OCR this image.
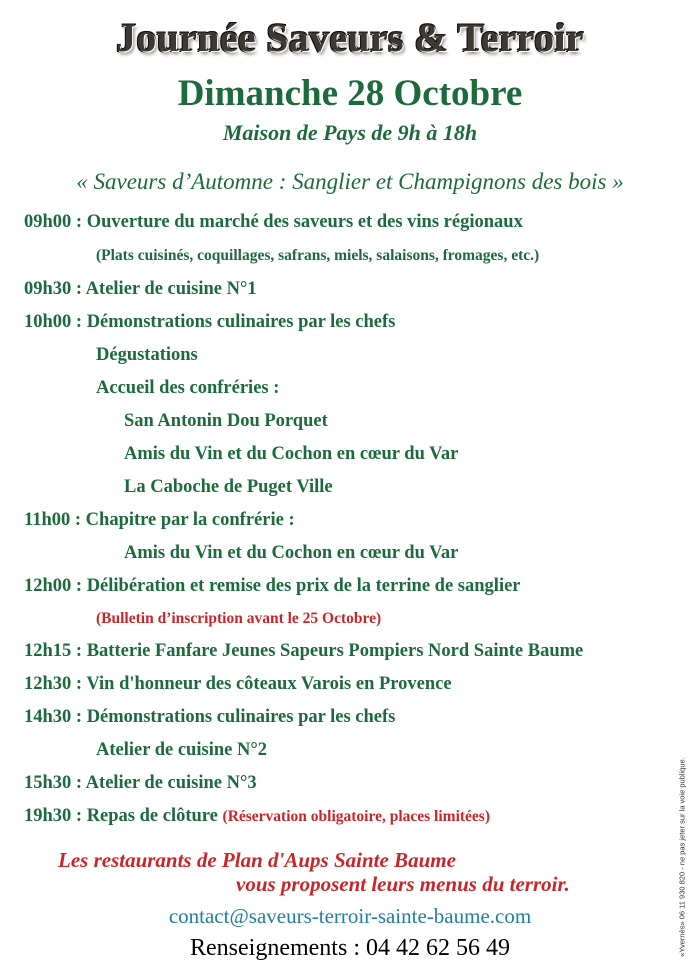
Journée Saveurs & Terroir
Dimanche 28 Octobre
Maison de Pays de 9h à 18h
« Saveurs d’Automne : Sanglier et Champignons des bois »
09h00 : Ouverture du marché des saveurs et des vins régionaux
(Plats cuisinés, coquillages, safrans, miels, salaisons, fromages, etc.)
09h30 : Atelier de cuisine N°1
10h00 : Démonstrations culinaires par les chefs
Dégustations
Accueil des confréries :
San Antonin Dou Porquet
Amis du Vin et du Cochon en cœur du Var
La Caboche de Puget Ville
11h00 : Chapitre par la confrérie :
Amis du Vin et du Cochon en cœur du Var
12h00 : Délibération et remise des prix de la terrine de sanglier
(Bulletin d’inscription avant le 25 Octobre)
12h15 : Batterie Fanfare Jeunes Sapeurs Pompiers Nord Sainte Baume
12h30 : Vin d'honneur des côteaux Varois en Provence
14h30 : Démonstrations culinaires par les chefs
Atelier de cuisine N°2
15h30 : Atelier de cuisine N°3
19h30 : Repas de clôture (Réservation obligatoire, places limitées)
Les restaurants de Plan d'Aups Sainte Baume
vous proposent leurs menus du terroir.
contact@saveurs-terroir-sainte-baume.com
Renseignements : 04 42 62 56 49	«Yvernès» 06 11 930 820 - ne pas jeter sur la voie publique.
